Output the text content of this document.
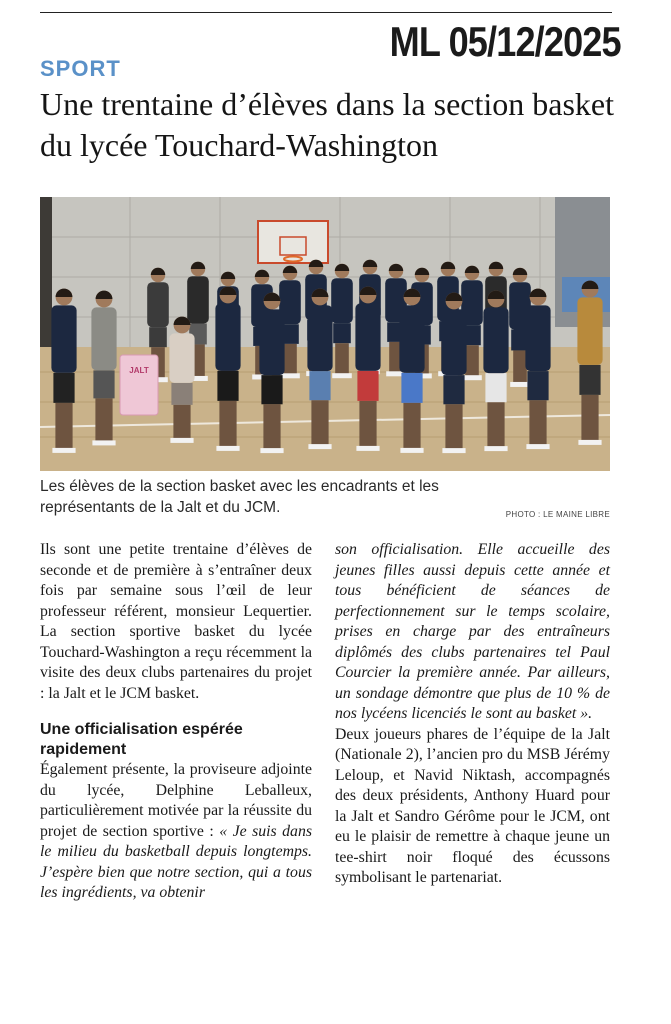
ML 05/12/2025
SPORT
Une trentaine d’élèves dans la section basket du lycée Touchard-Washington
JALT
Les élèves de la section basket avec les encadrants et les représentants de la Jalt et du JCM.	PHOTO : LE MAINE LIBRE

Ils sont une petite trentaine d’élèves de seconde et de première à s’entraîner deux fois par semaine sous l’œil de leur professeur référent, monsieur Lequertier. La section sportive basket du lycée Touchard-Washington a reçu récemment la visite des deux clubs partenaires du projet : la Jalt et le JCM basket.

Une officialisation espérée rapidement

Également présente, la proviseure adjointe du lycée, Delphine Leballeux, particulièrement motivée par la réussite du projet de section sportive : « Je suis dans le milieu du basketball depuis longtemps. J’espère bien que notre section, qui a tous les ingrédients, va obtenir

son officialisation. Elle accueille des jeunes filles aussi depuis cette année et tous bénéficient de séances de perfectionnement sur le temps scolaire, prises en charge par des entraîneurs diplômés des clubs partenaires tel Paul Courcier la première année. Par ailleurs, un sondage démontre que plus de 10 % de nos lycéens licenciés le sont au basket ».

Deux joueurs phares de l’équipe de la Jalt (Nationale 2), l’ancien pro du MSB Jérémy Leloup, et Navid Niktash, accompagnés des deux présidents, Anthony Huard pour la Jalt et Sandro Gérôme pour le JCM, ont eu le plaisir de remettre à chaque jeune un tee-shirt noir floqué des écussons symbolisant le partenariat.
